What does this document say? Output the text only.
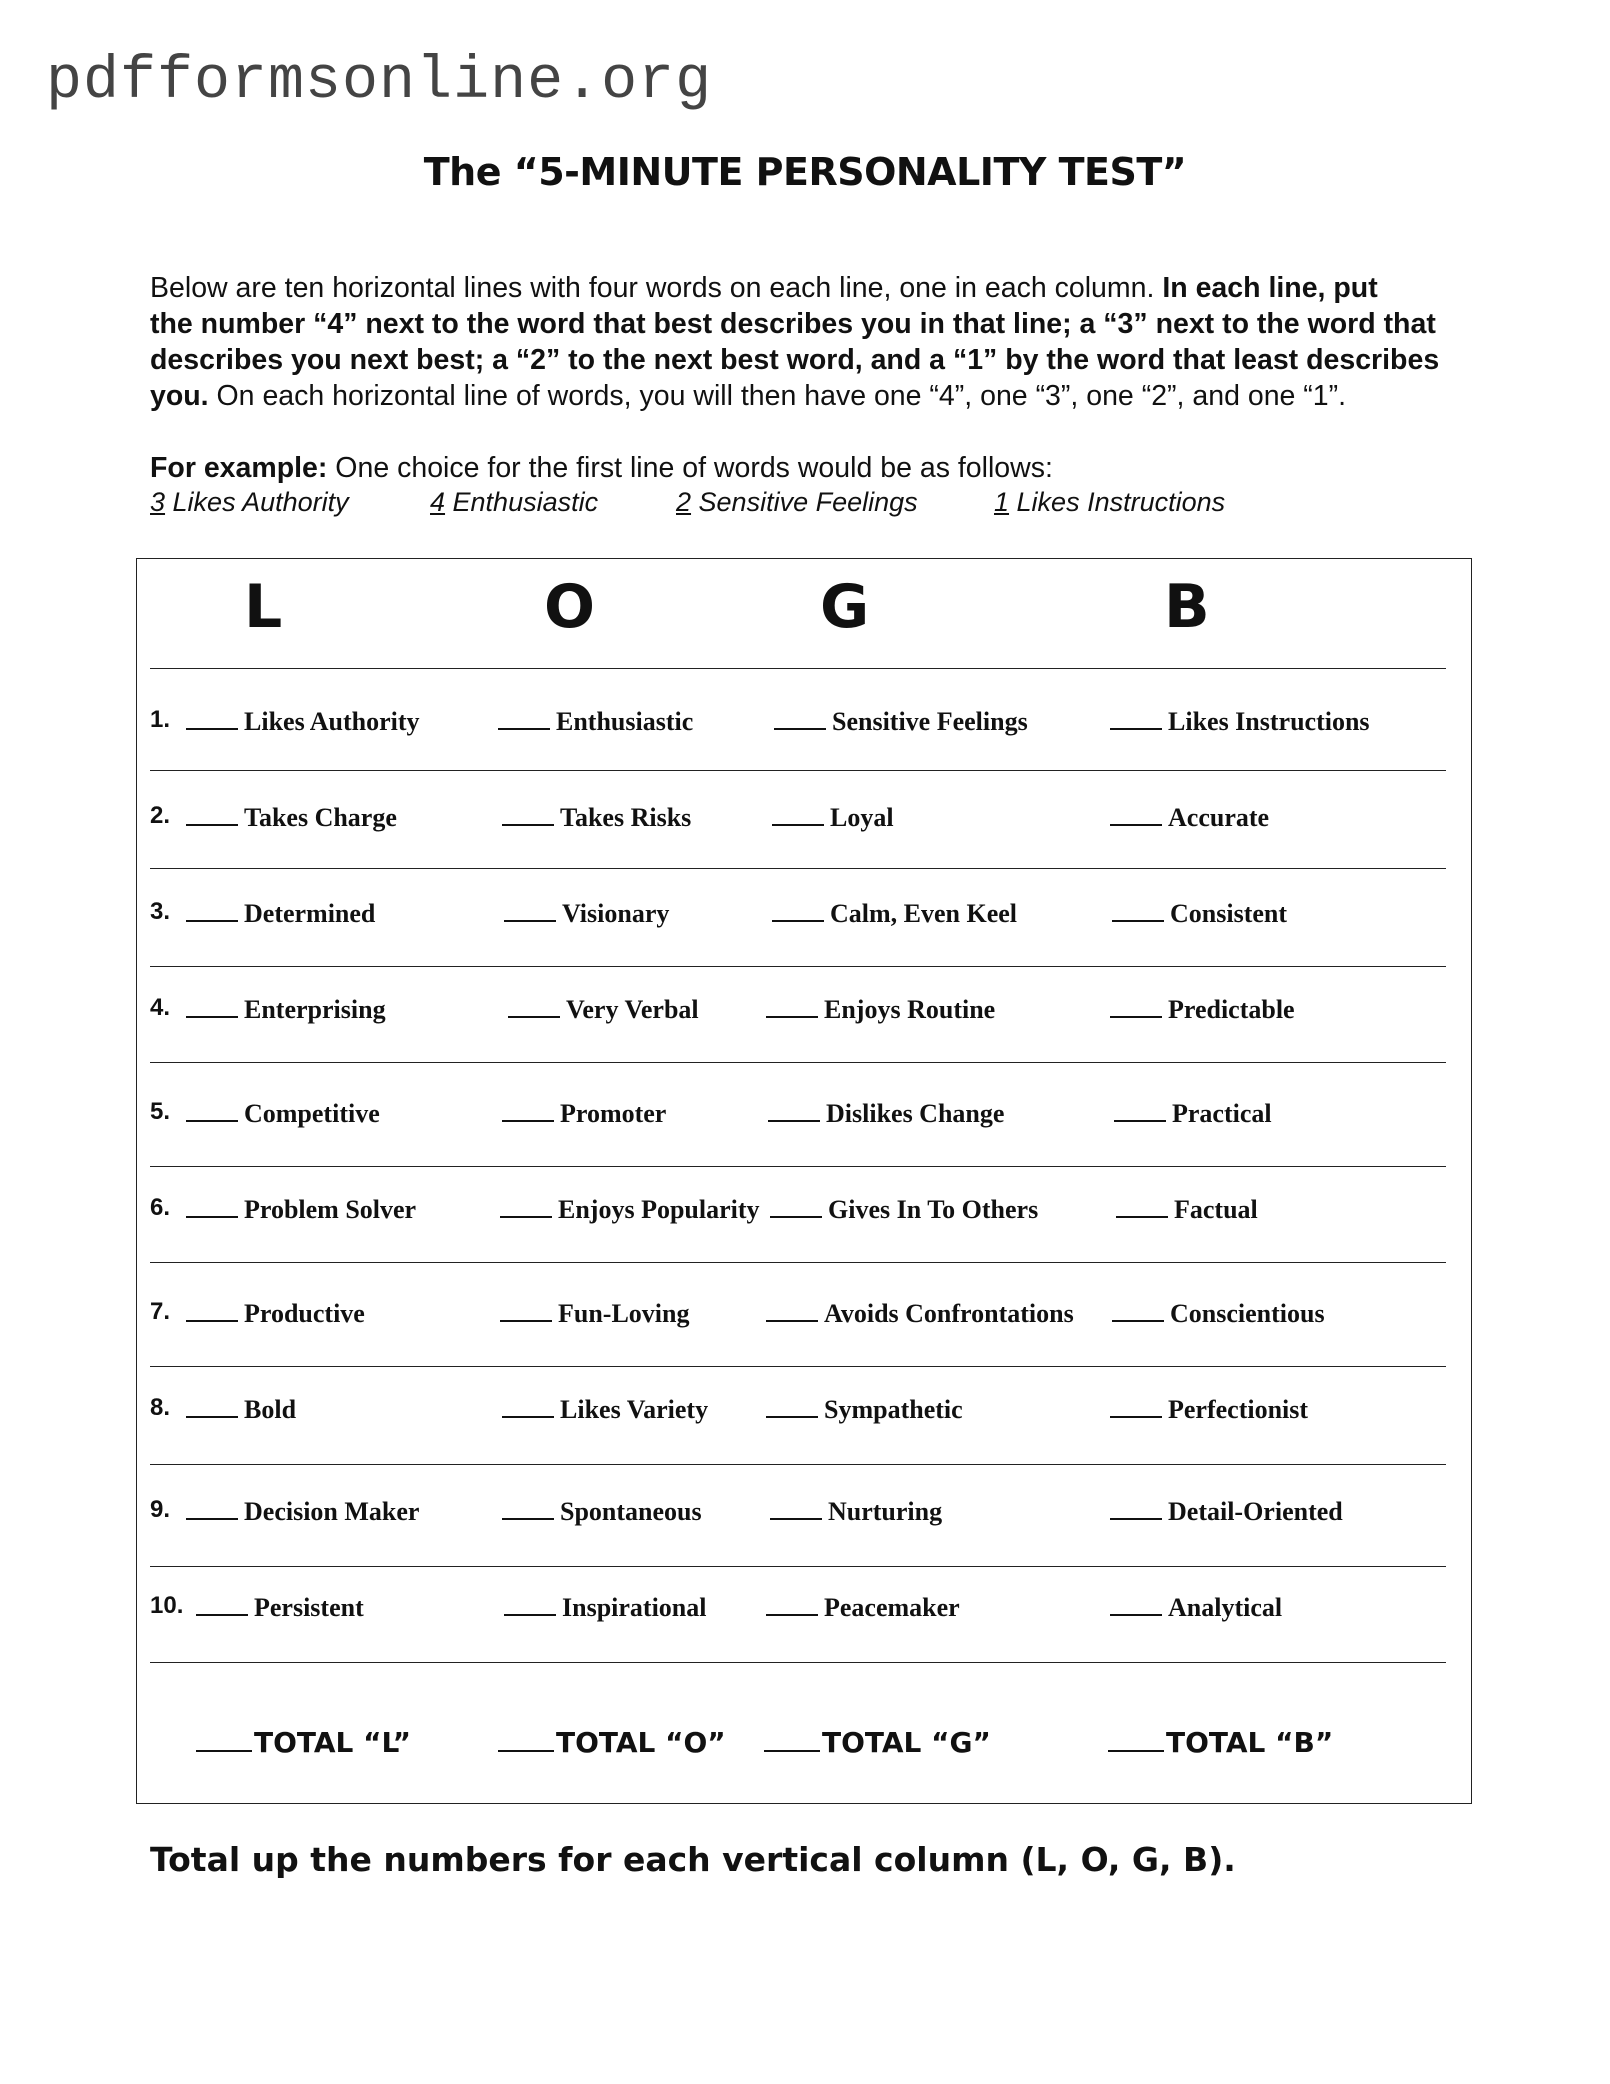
pdfformsonline.org
The “5-MINUTE PERSONALITY TEST”
Below are ten horizontal lines with four words on each line, one in each column. In each line, put
the number “4” next to the word that best describes you in that line; a “3” next to the word that
describes you next best; a “2” to the next best word, and a “1” by the word that least describes
you. On each horizontal line of words, you will then have one “4”, one “3”, one “2”, and one “1”.
For example: One choice for the first line of words would be as follows:
3 Likes Authority	4 Enthusiastic	2 Sensitive Feelings	1 Likes Instructions
L	O	G	B
1.	Likes Authority	Enthusiastic	Sensitive Feelings	Likes Instructions
2.	Takes Charge	Takes Risks	Loyal	Accurate
3.	Determined	Visionary	Calm, Even Keel	Consistent
4.	Enterprising	Very Verbal	Enjoys Routine	Predictable
5.	Competitive	Promoter	Dislikes Change	Practical
6.	Problem Solver	Enjoys Popularity	Gives In To Others	Factual
7.	Productive	Fun-Loving	Avoids Confrontations	Conscientious
8.	Bold	Likes Variety	Sympathetic	Perfectionist
9.	Decision Maker	Spontaneous	Nurturing	Detail-Oriented
10.	Persistent	Inspirational	Peacemaker	Analytical
TOTAL “L”	TOTAL “O”	TOTAL “G”	TOTAL “B”
Total up the numbers for each vertical column (L, O, G, B).
